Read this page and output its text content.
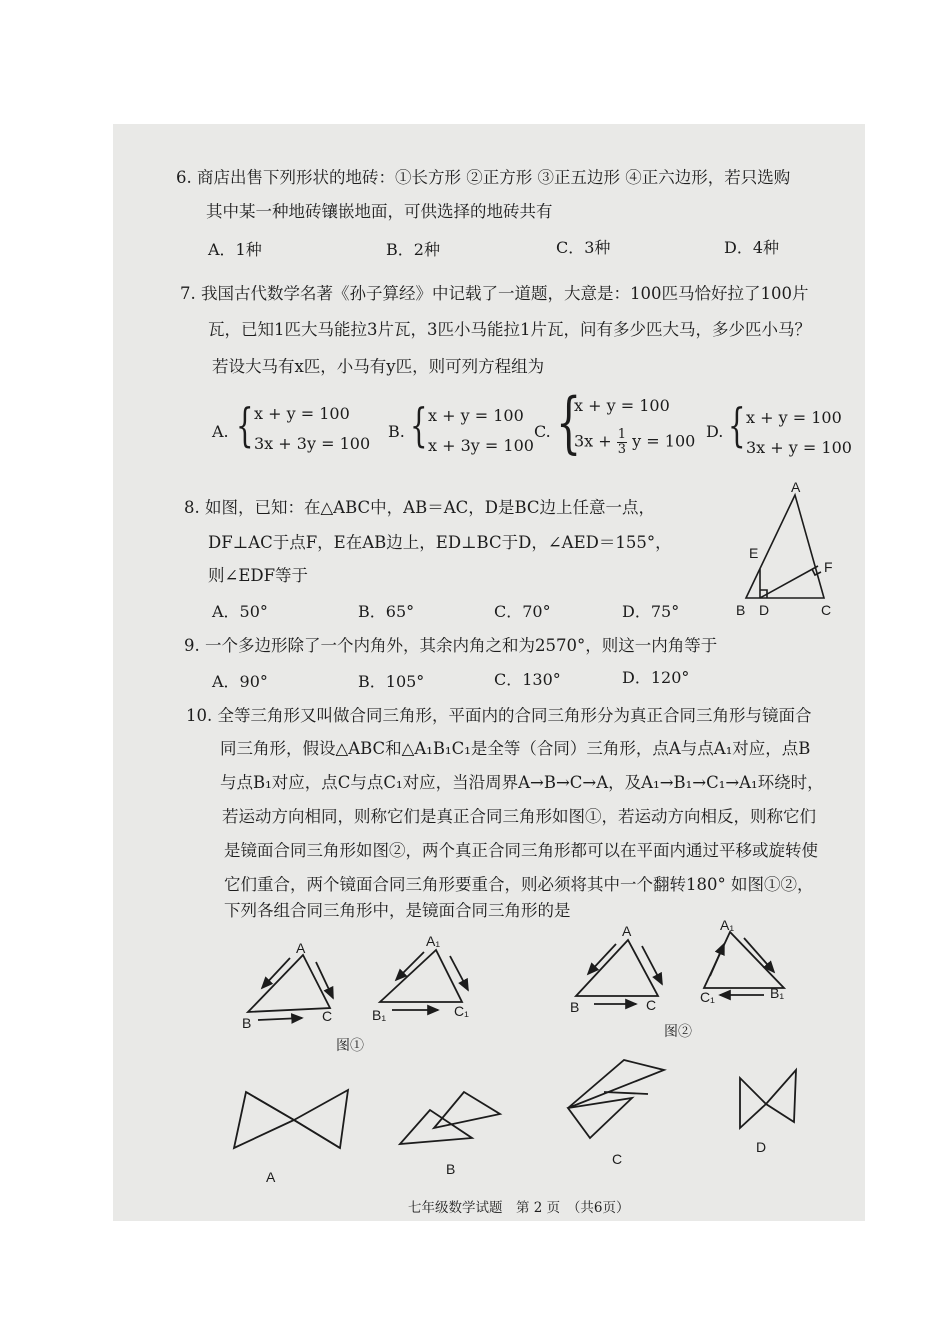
6. 商店出售下列形状的地砖：①长方形 ②正方形 ③正五边形 ④正六边形，若只选购
其中某一种地砖镶嵌地面，可供选择的地砖共有
A．1种	B．2种	C．3种	D．4种
7. 我国古代数学名著《孙子算经》中记载了一道题，大意是：100匹马恰好拉了100片
瓦，已知1匹大马能拉3片瓦，3匹小马能拉1片瓦，问有多少匹大马，多少匹小马？
若设大马有x匹，小马有y匹，则可列方程组为
A. { x + y = 100
3x + 3y = 100
B. { x + y = 100
x + 3y = 100
C. {
x + y = 100
$3x + \frac{1}{3}$ y = 100
D. { x + y = 100
3x + y = 100
8. 如图，已知：在△ABC中，AB＝AC，D是BC边上任意一点，
DF⊥AC于点F，E在AB边上，ED⊥BC于D，∠AED＝155°，
则∠EDF等于
A．50°	B．65°	C．70°	D．75°
A
E
F
B D	C
9. 一个多边形除了一个内角外，其余内角之和为2570°，则这一内角等于
A．90°	B．105°	C．130°	D．120°
10. 全等三角形又叫做合同三角形，平面内的合同三角形分为真正合同三角形与镜面合
同三角形，假设△ABC和△A₁B₁C₁是全等（合同）三角形，点A与点A₁对应，点B
与点B₁对应，点C与点C₁对应，当沿周界A→B→C→A，及A₁→B₁→C₁→A₁环绕时，
若运动方向相同，则称它们是真正合同三角形如图①，若运动方向相反，则称它们
是镜面合同三角形如图②，两个真正合同三角形都可以在平面内通过平移或旋转使
它们重合，两个镜面合同三角形要重合，则必须将其中一个翻转180° 如图①②，
下列各组合同三角形中，是镜面合同三角形的是
A
B	C
A₁
B₁	C₁
图①
A
B	C
A₁
C₁	B₁
图②
A	B
C
D
七年级数学试题　第 2 页　（共6页）
